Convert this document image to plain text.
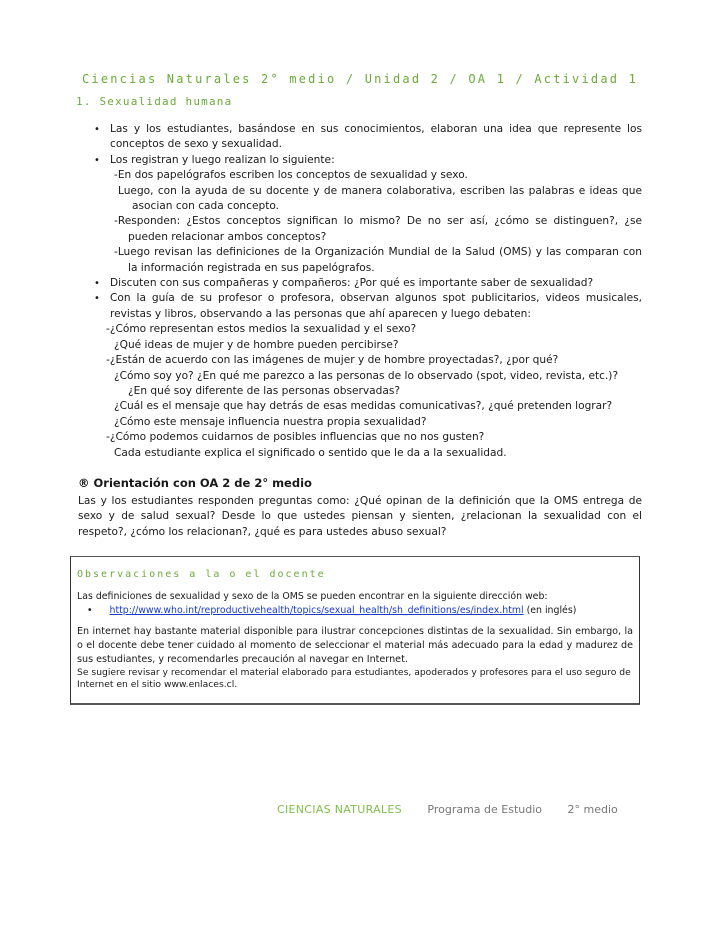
Ciencias Naturales 2° medio / Unidad 2 / OA 1 / Actividad 1
1. Sexualidad humana
• Las y los estudiantes, basándose en sus conocimientos, elaboran una idea que represente los conceptos de sexo y sexualidad.
• Los registran y luego realizan lo siguiente:
-En dos papelógrafos escriben los conceptos de sexualidad y sexo.
Luego, con la ayuda de su docente y de manera colaborativa, escriben las palabras e ideas que asocian con cada concepto.
-Responden: ¿Estos conceptos significan lo mismo? De no ser así, ¿cómo se distinguen?, ¿se pueden relacionar ambos conceptos?
-Luego revisan las definiciones de la Organización Mundial de la Salud (OMS) y las comparan con la información registrada en sus papelógrafos.
• Discuten con sus compañeras y compañeros: ¿Por qué es importante saber de sexualidad?
• Con la guía de su profesor o profesora, observan algunos spot publicitarios, videos musicales, revistas y libros, observando a las personas que ahí aparecen y luego debaten:
-¿Cómo representan estos medios la sexualidad y el sexo?
¿Qué ideas de mujer y de hombre pueden percibirse?
-¿Están de acuerdo con las imágenes de mujer y de hombre proyectadas?, ¿por qué?
¿Cómo soy yo? ¿En qué me parezco a las personas de lo observado (spot, video, revista, etc.)?
¿En qué soy diferente de las personas observadas?
¿Cuál es el mensaje que hay detrás de esas medidas comunicativas?, ¿qué pretenden lograr?
¿Cómo este mensaje influencia nuestra propia sexualidad?
-¿Cómo podemos cuidarnos de posibles influencias que no nos gusten?
Cada estudiante explica el significado o sentido que le da a la sexualidad.
® Orientación con OA 2 de 2° medio
Las y los estudiantes responden preguntas como: ¿Qué opinan de la definición que la OMS entrega de sexo y de salud sexual? Desde lo que ustedes piensan y sienten, ¿relacionan la sexualidad con el respeto?, ¿cómo los relacionan?, ¿qué es para ustedes abuso sexual?
Observaciones a la o el docente
Las definiciones de sexualidad y sexo de la OMS se pueden encontrar en la siguiente dirección web:
• http://www.who.int/reproductivehealth/topics/sexual_health/sh_definitions/es/index.html (en inglés)
En internet hay bastante material disponible para ilustrar concepciones distintas de la sexualidad. Sin embargo, la o el docente debe tener cuidado al momento de seleccionar el material más adecuado para la edad y madurez de sus estudiantes, y recomendarles precaución al navegar en Internet.
Se sugiere revisar y recomendar el material elaborado para estudiantes, apoderados y profesores para el uso seguro de Internet en el sitio www.enlaces.cl.
CIENCIAS NATURALES Programa de Estudio 2° medio
